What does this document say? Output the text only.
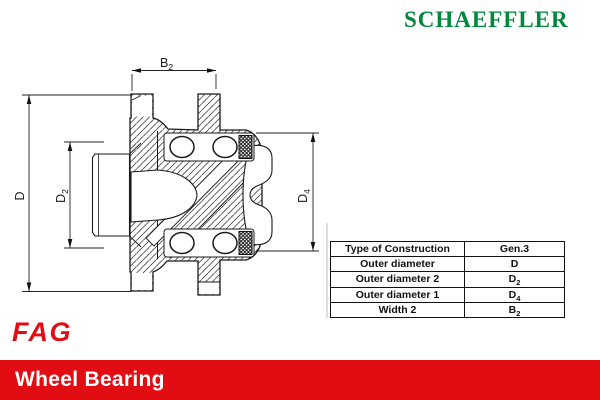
SCHAEFFLER
$B_2$
D $D_2$
$D_4$
Type of Construction	Gen.3
Outer diameter	D
Outer diameter 2	$D_2$
Outer diameter 1	$D_4$
Width 2	$B_2$
FAG
Wheel Bearing
